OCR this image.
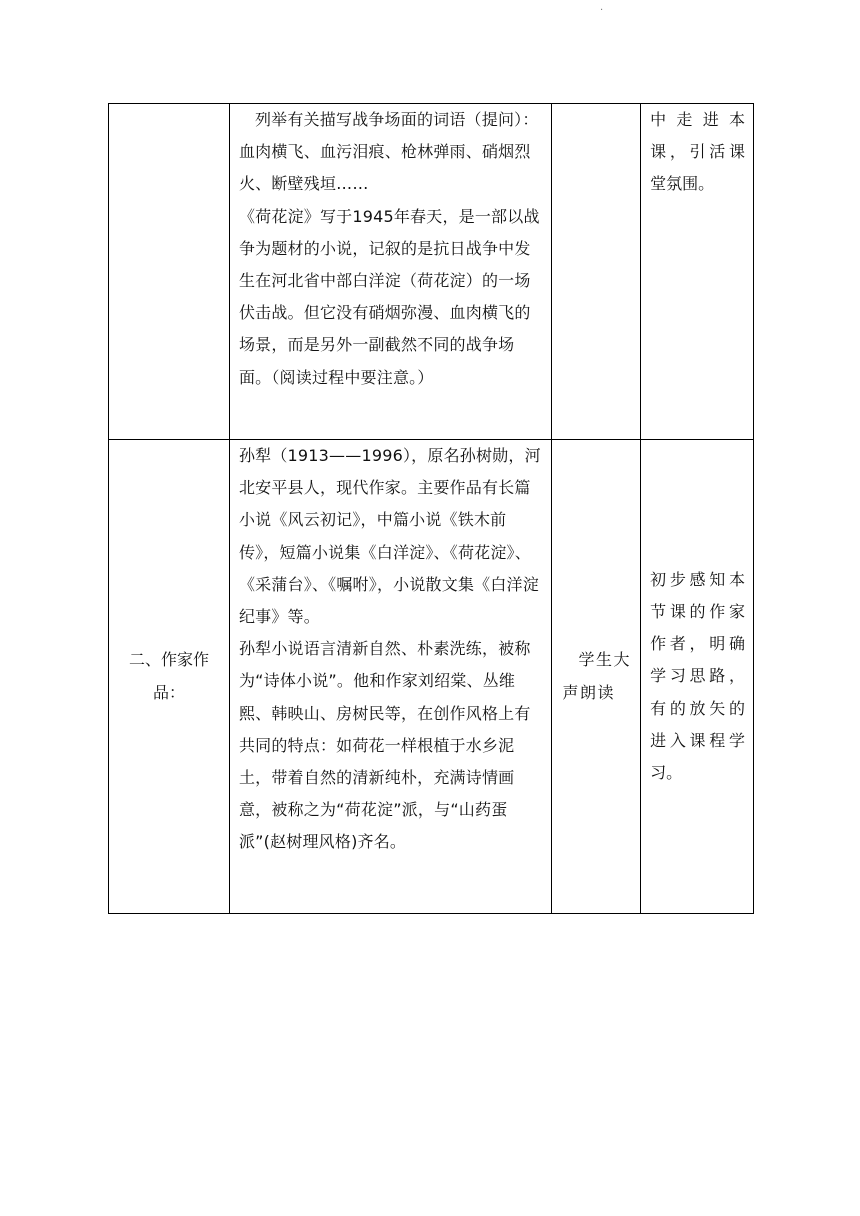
.

	列举有关描写战争场面的词语（提问）：血肉横飞、血污泪痕、枪林弹雨、硝烟烈火、断壁残垣……
《荷花淀》写于1945年春天，是一部以战争为题材的小说，记叙的是抗日战争中发生在河北省中部白洋淀（荷花淀）的一场伏击战。但它没有硝烟弥漫、血肉横飞的场景，而是另外一副截然不同的战争场面。（阅读过程中要注意。）		中走进本课，引活课堂氛围。

二、作家作品：	孙犁（1913——1996），原名孙树勋，河北安平县人，现代作家。主要作品有长篇小说《风云初记》，中篇小说《铁木前传》，短篇小说集《白洋淀》、《荷花淀》、《采蒲台》、《嘱咐》，小说散文集《白洋淀纪事》等。
孙犁小说语言清新自然、朴素洗练，被称为“诗体小说”。他和作家刘绍棠、丛维熙、韩映山、房树民等，在创作风格上有共同的特点：如荷花一样根植于水乡泥土，带着自然的清新纯朴，充满诗情画意，被称之为“荷花淀”派，与“山药蛋派”(赵树理风格)齐名。	学生大声朗读	初步感知本节课的作家作者，明确学习思路，有的放矢的进入课程学习。
